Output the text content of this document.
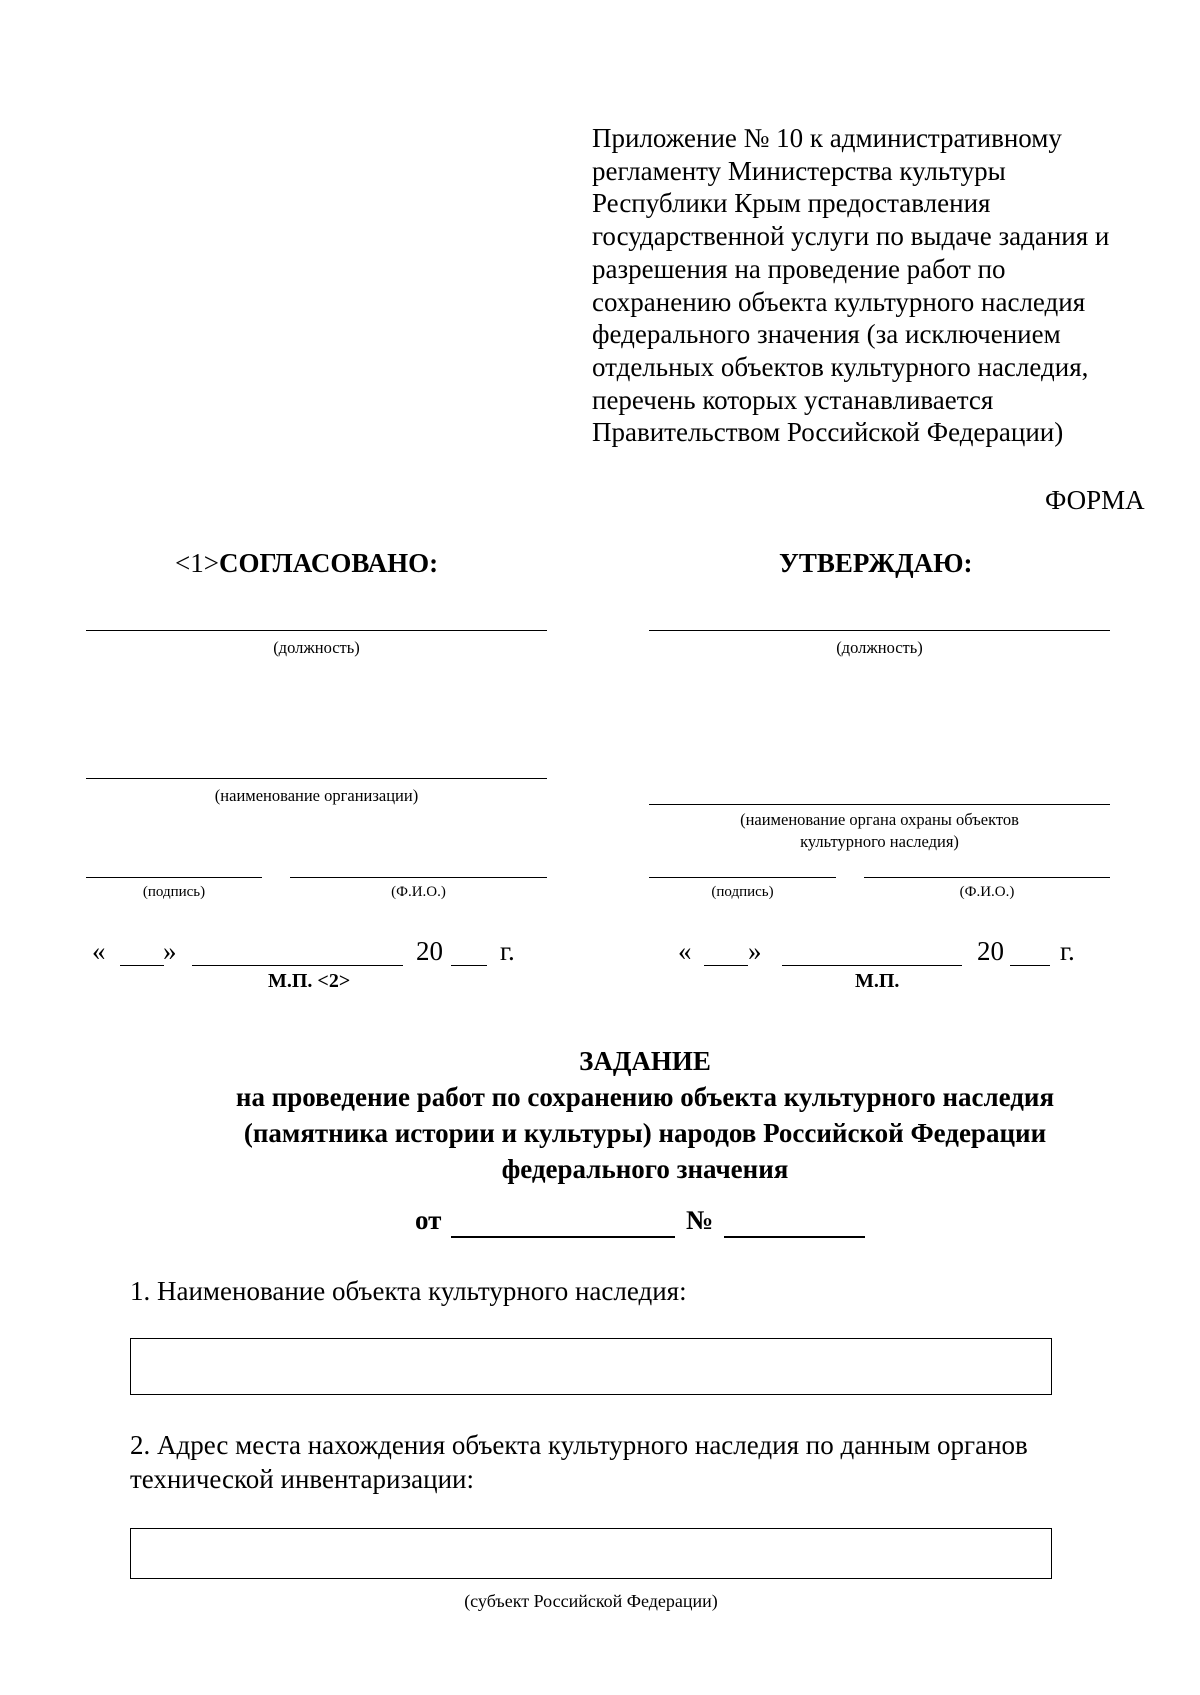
Приложение № 10 к административному
регламенту Министерства культуры
Республики Крым предоставления
государственной услуги по выдаче задания и
разрешения на проведение работ по
сохранению объекта культурного наследия
федерального значения (за исключением
отдельных объектов культурного наследия,
перечень которых устанавливается
Правительством Российской Федерации)
ФОРМА
<1>СОГЛАСОВАНО:
(должность)
(наименование организации)
(подпись)	(Ф.И.О.)
« »	20 г.
М.П. <2>
УТВЕРЖДАЮ:
(должность)
(наименование органа охраны объектов
культурного наследия)
(подпись)	(Ф.И.О.)
« »	20 г.
М.П.
ЗАДАНИЕ
на проведение работ по сохранению объекта культурного наследия
(памятника истории и культуры) народов Российской Федерации
федерального значения
от	№
1. Наименование объекта культурного наследия:
2. Адрес места нахождения объекта культурного наследия по данным органов
технической инвентаризации:
(субъект Российской Федерации)
